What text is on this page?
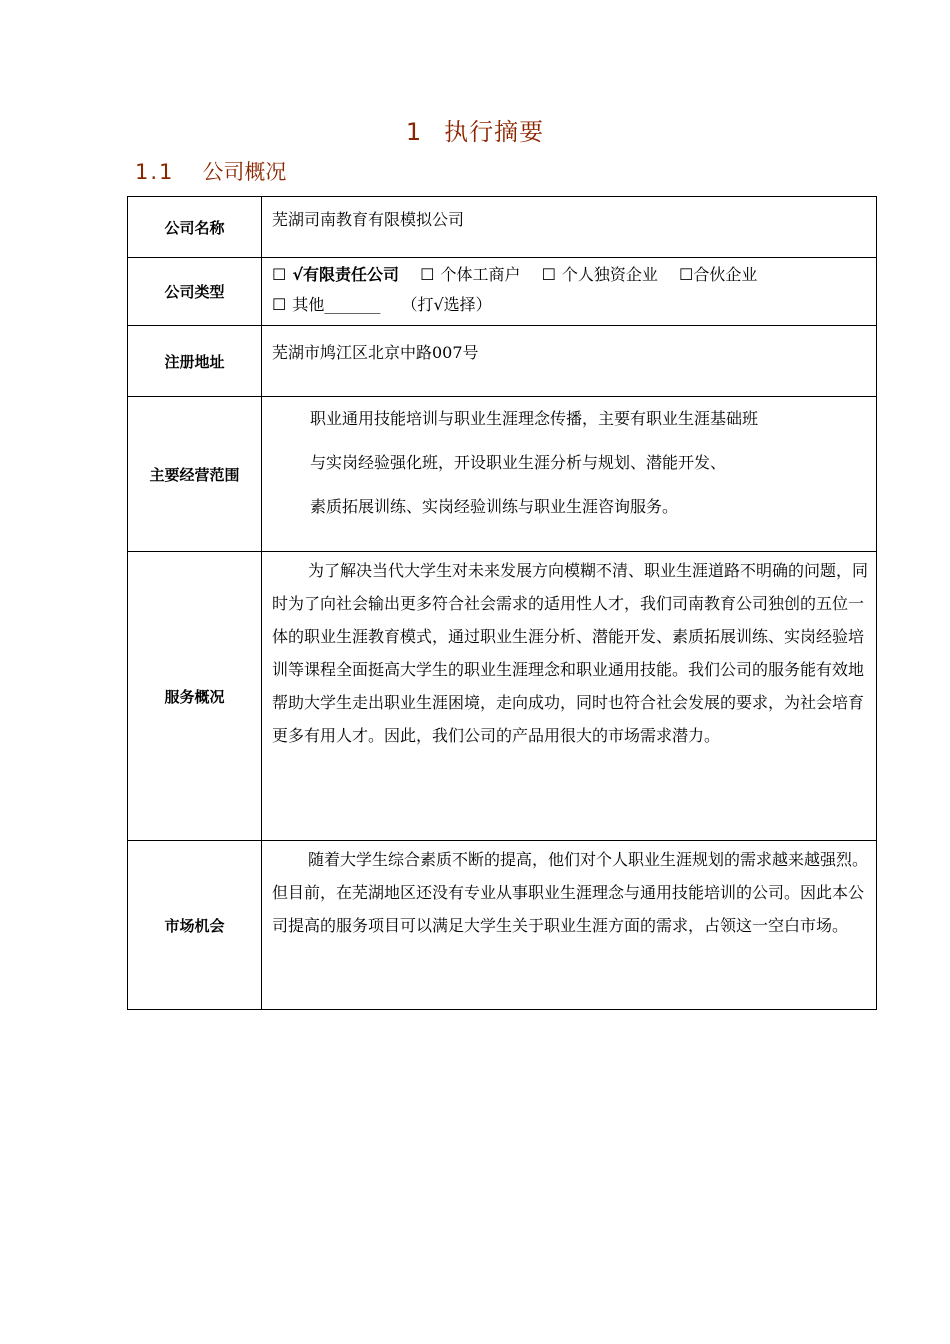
1 执行摘要
1.1 公司概况
公司名称	芜湖司南教育有限模拟公司

公司类型	☐ √有限责任公司 ☐ 个体工商户 ☐ 个人独资企业 ☐合伙企业
☐ 其他_______ （打√选择）

注册地址	芜湖市鸠江区北京中路007号

主要经营范围	职业通用技能培训与职业生涯理念传播，主要有职业生涯基础班

与实岗经验强化班，开设职业生涯分析与规划、潜能开发、

素质拓展训练、实岗经验训练与职业生涯咨询服务。

服务概况	为了解决当代大学生对未来发展方向模糊不清、职业生涯道路不明确的问题，同时为了向社会输出更多符合社会需求的适用性人才，我们司南教育公司独创的五位一体的职业生涯教育模式，通过职业生涯分析、潜能开发、素质拓展训练、实岗经验培训等课程全面挺高大学生的职业生涯理念和职业通用技能。我们公司的服务能有效地帮助大学生走出职业生涯困境，走向成功，同时也符合社会发展的要求，为社会培育更多有用人才。因此，我们公司的产品用很大的市场需求潜力。

市场机会	随着大学生综合素质不断的提高，他们对个人职业生涯规划的需求越来越强烈。但目前，在芜湖地区还没有专业从事职业生涯理念与通用技能培训的公司。因此本公司提高的服务项目可以满足大学生关于职业生涯方面的需求，占领这一空白市场。
